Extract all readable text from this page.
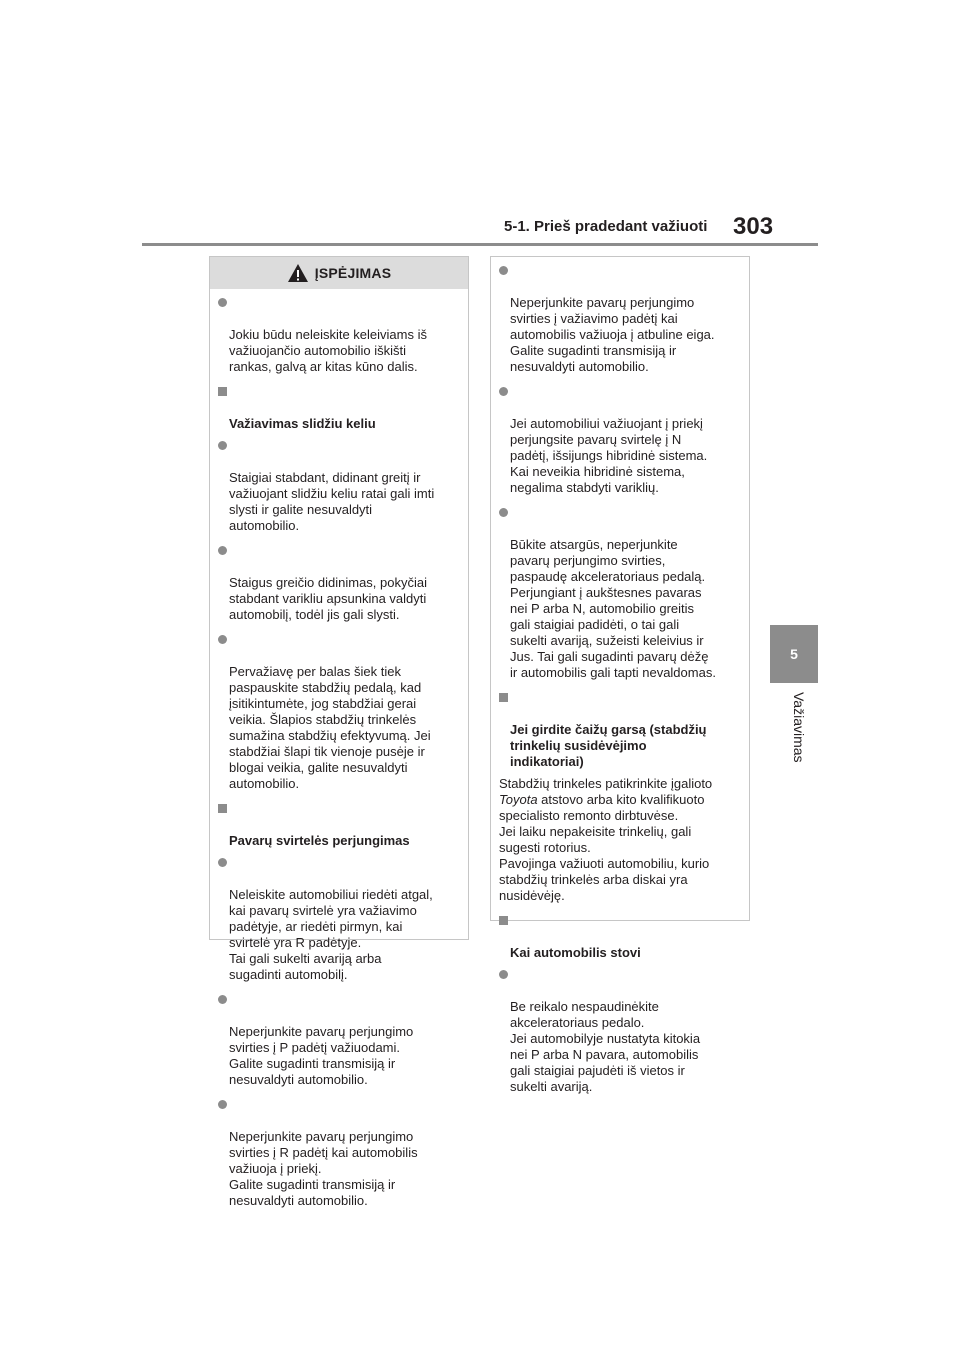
5-1. Prieš pradedant važiuoti 303
5
Važiavimas
ĮSPĖJIMAS

Jokiu būdu neleiskite keleiviams iš
važiuojančio automobilio iškišti
rankas, galvą ar kitas kūno dalis.

Važiavimas slidžiu keliu

Staigiai stabdant, didinant greitį ir
važiuojant slidžiu keliu ratai gali imti
slysti ir galite nesuvaldyti
automobilio.

Staigus greičio didinimas, pokyčiai
stabdant varikliu apsunkina valdyti
automobilį, todėl jis gali slysti.

Pervažiavę per balas šiek tiek
paspauskite stabdžių pedalą, kad
įsitikintumėte, jog stabdžiai gerai
veikia. Šlapios stabdžių trinkelės
sumažina stabdžių efektyvumą. Jei
stabdžiai šlapi tik vienoje pusėje ir
blogai veikia, galite nesuvaldyti
automobilio.

Pavarų svirtelės perjungimas

Neleiskite automobiliui riedėti atgal,
kai pavarų svirtelė yra važiavimo
padėtyje, ar riedėti pirmyn, kai
svirtelė yra R padėtyje.
Tai gali sukelti avariją arba
sugadinti automobilį.

Neperjunkite pavarų perjungimo
svirties į P padėtį važiuodami.
Galite sugadinti transmisiją ir
nesuvaldyti automobilio.

Neperjunkite pavarų perjungimo
svirties į R padėtį kai automobilis
važiuoja į priekį.
Galite sugadinti transmisiją ir
nesuvaldyti automobilio.

Neperjunkite pavarų perjungimo
svirties į važiavimo padėtį kai
automobilis važiuoja į atbuline eiga.
Galite sugadinti transmisiją ir
nesuvaldyti automobilio.

Jei automobiliui važiuojant į priekį
perjungsite pavarų svirtelę į N
padėtį, išsijungs hibridinė sistema.
Kai neveikia hibridinė sistema,
negalima stabdyti variklių.

Būkite atsargūs, neperjunkite
pavarų perjungimo svirties,
paspaudę akceleratoriaus pedalą.
Perjungiant į aukštesnes pavaras
nei P arba N, automobilio greitis
gali staigiai padidėti, o tai gali
sukelti avariją, sužeisti keleivius ir
Jus. Tai gali sugadinti pavarų dėžę
ir automobilis gali tapti nevaldomas.

Jei girdite čaižų garsą (stabdžių
trinkelių susidėvėjimo
indikatoriai)

Stabdžių trinkeles patikrinkite įgalioto
Toyota atstovo arba kito kvalifikuoto
specialisto remonto dirbtuvėse.
Jei laiku nepakeisite trinkelių, gali
sugesti rotorius.
Pavojinga važiuoti automobiliu, kurio
stabdžių trinkelės arba diskai yra
nusidėvėję.

Kai automobilis stovi

Be reikalo nespaudinėkite
akceleratoriaus pedalo.
Jei automobilyje nustatyta kitokia
nei P arba N pavara, automobilis
gali staigiai pajudėti iš vietos ir
sukelti avariją.
